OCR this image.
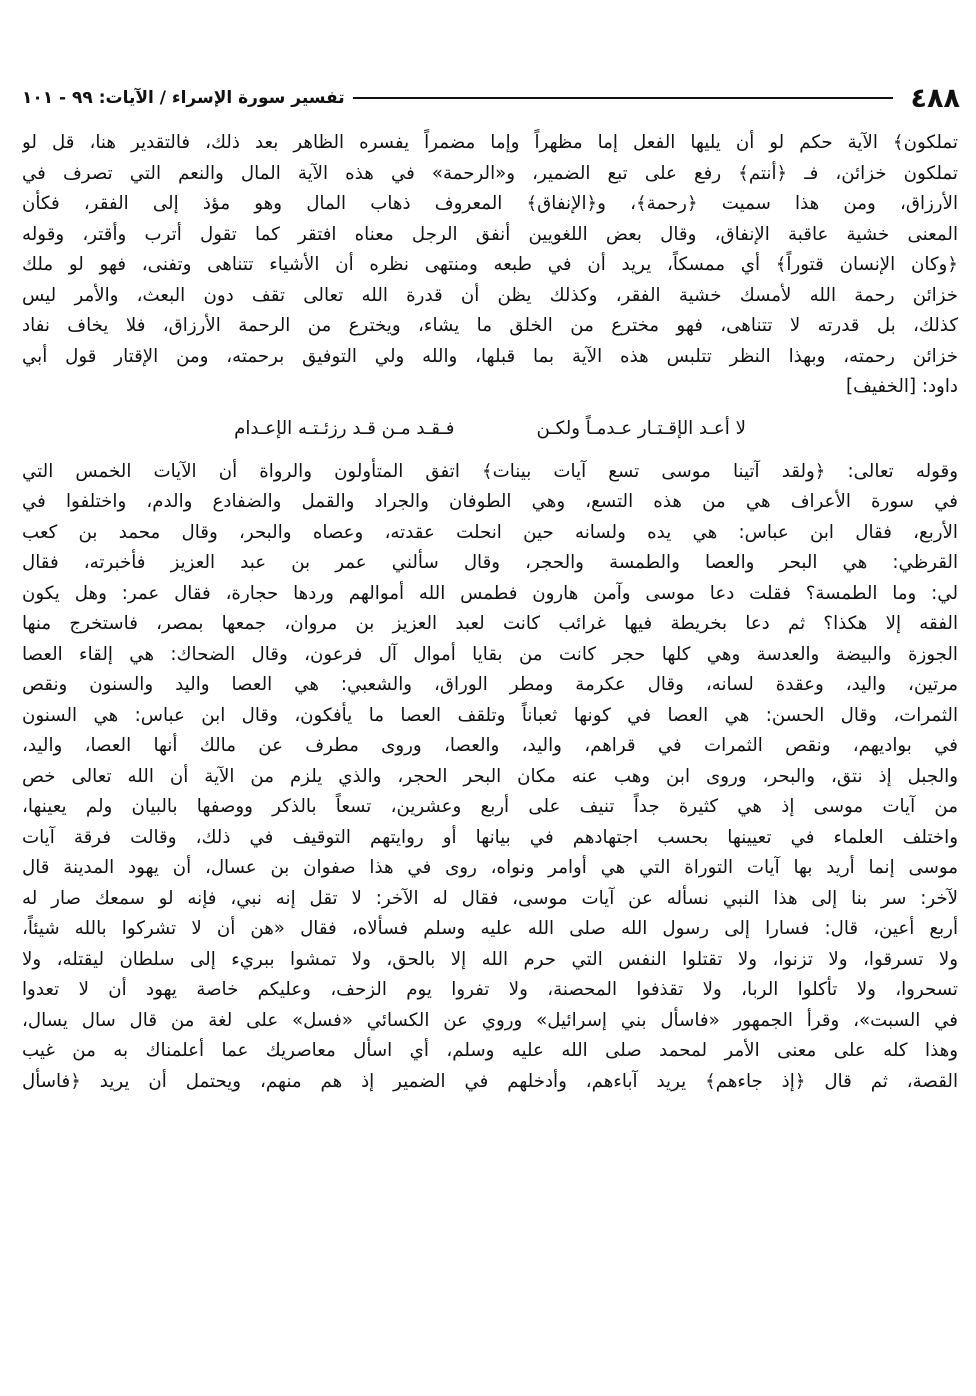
٤٨٨
تفسير سورة الإسراء / الآيات: ٩٩ - ١٠١
تملكون﴾ الآية حكم لو أن يليها الفعل إما مظهراً وإما مضمراً يفسره الظاهر بعد ذلك، فالتقدير هنا، قل لو
تملكون خزائن، فـ ﴿أنتم﴾ رفع على تبع الضمير، و«الرحمة» في هذه الآية المال والنعم التي تصرف في
الأرزاق، ومن هذا سميت ﴿رحمة﴾، و﴿الإنفاق﴾ المعروف ذهاب المال وهو مؤذ إلى الفقر، فكأن
المعنى خشية عاقبة الإنفاق، وقال بعض اللغويين أنفق الرجل معناه افتقر كما تقول أترب وأقتر، وقوله
﴿وكان الإنسان قتوراً﴾ أي ممسكاً، يريد أن في طبعه ومنتهى نظره أن الأشياء تتناهى وتفنى، فهو لو ملك
خزائن رحمة الله لأمسك خشية الفقر، وكذلك يظن أن قدرة الله تعالى تقف دون البعث، والأمر ليس
كذلك، بل قدرته لا تتناهى، فهو مخترع من الخلق ما يشاء، ويخترع من الرحمة الأرزاق، فلا يخاف نفاد
خزائن رحمته، وبهذا النظر تتلبس هذه الآية بما قبلها، والله ولي التوفيق برحمته، ومن الإقتار قول أبي
داود: [الخفيف]
لا أعـد الإقـتـار عـدمـاً ولكـن
فـقـد مـن قـد رزئـتـه الإعـدام
وقوله تعالى: ﴿ولقد آتينا موسى تسع آيات بينات﴾ اتفق المتأولون والرواة أن الآيات الخمس التي
في سورة الأعراف هي من هذه التسع، وهي الطوفان والجراد والقمل والضفادع والدم، واختلفوا في
الأربع، فقال ابن عباس: هي يده ولسانه حين انحلت عقدته، وعصاه والبحر، وقال محمد بن كعب
القرظي: هي البحر والعصا والطمسة والحجر، وقال سألني عمر بن عبد العزيز فأخبرته، فقال
لي: وما الطمسة؟ فقلت دعا موسى وآمن هارون فطمس الله أموالهم وردها حجارة، فقال عمر: وهل يكون
الفقه إلا هكذا؟ ثم دعا بخريطة فيها غرائب كانت لعبد العزيز بن مروان، جمعها بمصر، فاستخرج منها
الجوزة والبيضة والعدسة وهي كلها حجر كانت من بقايا أموال آل فرعون، وقال الضحاك: هي إلقاء العصا
مرتين، واليد، وعقدة لسانه، وقال عكرمة ومطر الوراق، والشعبي: هي العصا واليد والسنون ونقص
الثمرات، وقال الحسن: هي العصا في كونها ثعباناً وتلقف العصا ما يأفكون، وقال ابن عباس: هي السنون
في بواديهم، ونقص الثمرات في قراهم، واليد، والعصا، وروى مطرف عن مالك أنها العصا، واليد،
والجبل إذ نتق، والبحر، وروى ابن وهب عنه مكان البحر الحجر، والذي يلزم من الآية أن الله تعالى خص
من آيات موسى إذ هي كثيرة جداً تنيف على أربع وعشرين، تسعاً بالذكر ووصفها بالبيان ولم يعينها،
واختلف العلماء في تعيينها بحسب اجتهادهم في بيانها أو روايتهم التوقيف في ذلك، وقالت فرقة آيات
موسى إنما أريد بها آيات التوراة التي هي أوامر ونواه، روى في هذا صفوان بن عسال، أن يهود المدينة قال
لآخر: سر بنا إلى هذا النبي نسأله عن آيات موسى، فقال له الآخر: لا تقل إنه نبي، فإنه لو سمعك صار له
أربع أعين، قال: فسارا إلى رسول الله صلى الله عليه وسلم فسألاه، فقال «هن أن لا تشركوا بالله شيئاً،
ولا تسرقوا، ولا تزنوا، ولا تقتلوا النفس التي حرم الله إلا بالحق، ولا تمشوا ببريء إلى سلطان ليقتله، ولا
تسحروا، ولا تأكلوا الربا، ولا تقذفوا المحصنة، ولا تفروا يوم الزحف، وعليكم خاصة يهود أن لا تعدوا
في السبت»، وقرأ الجمهور «فاسأل بني إسرائيل» وروي عن الكسائي «فسل» على لغة من قال سال يسال،
وهذا كله على معنى الأمر لمحمد صلى الله عليه وسلم، أي اسأل معاصريك عما أعلمناك به من غيب
القصة، ثم قال ﴿إذ جاءهم﴾ يريد آباءهم، وأدخلهم في الضمير إذ هم منهم، ويحتمل أن يريد ﴿فاسأل
